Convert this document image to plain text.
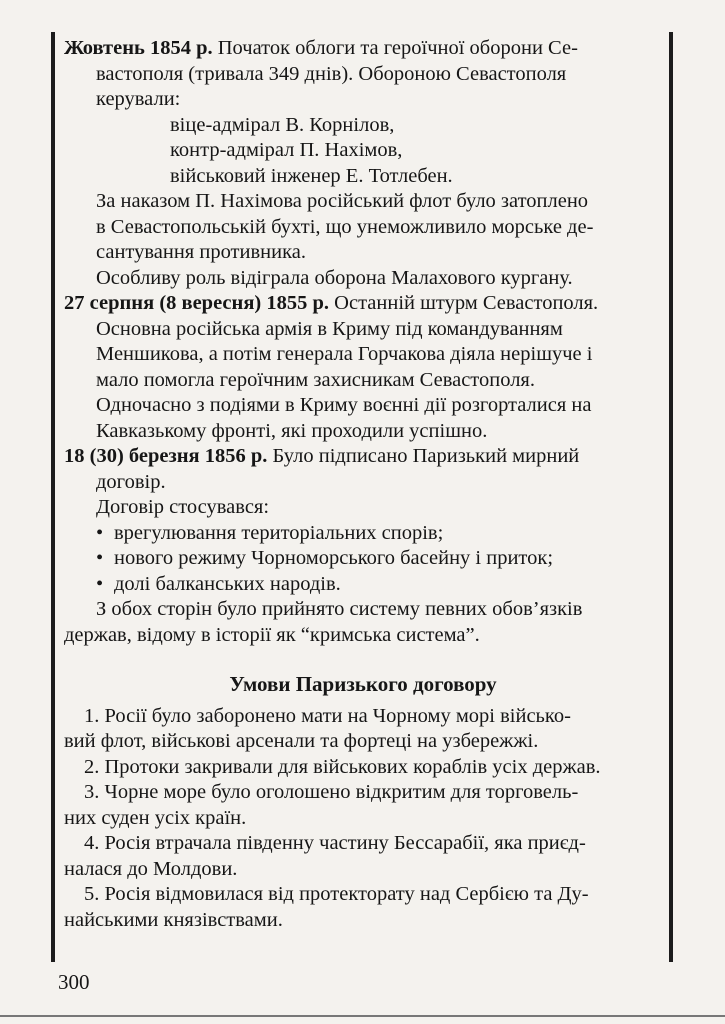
Жовтень 1854 р. Початок облоги та героїчної оборони Се-

вастополя (тривала 349 днів). Обороною Севастополя

керували:

віце-адмірал В. Корнілов,

контр-адмірал П. Нахімов,

військовий інженер Е. Тотлебен.

За наказом П. Нахімова російський флот було затоплено

в Севастопольській бухті, що унеможливило морське де-

сантування противника.

Особливу роль відіграла оборона Малахового кургану.

27 серпня (8 вересня) 1855 р. Останній штурм Севастополя.

Основна російська армія в Криму під командуванням

Меншикова, а потім генерала Горчакова діяла нерішуче і

мало помогла героїчним захисникам Севастополя.

Одночасно з подіями в Криму воєнні дії розгорталися на

Кавказькому фронті, які проходили успішно.

18 (30) березня 1856 р. Було підписано Паризький мирний

договір.

Договір стосувався:

• врегулювання територіальних спорів;

• нового режиму Чорноморського басейну і приток;

• долі балканських народів.

З обох сторін було прийнято систему певних обов’язків

держав, відому в історії як “кримська система”.

Умови Паризького договору

1. Росії було заборонено мати на Чорному морі військо-

вий флот, військові арсенали та фортеці на узбережжі.

2. Протоки закривали для військових кораблів усіх держав.

3. Чорне море було оголошено відкритим для торговель-

них суден усіх країн.

4. Росія втрачала південну частину Бессарабії, яка приєд-

налася до Молдови.

5. Росія відмовилася від протекторату над Сербією та Ду-

найськими князівствами.

300
